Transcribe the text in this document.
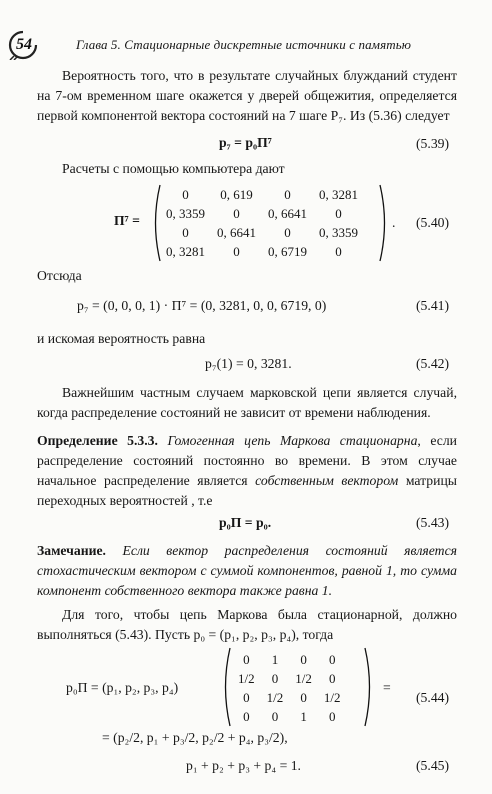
54	Глава 5. Стационарные дискретные источники с памятью
Вероятность того, что в результате случайных блужданий студент на 7-ом временном шаге окажется у дверей общежития, определяется первой компонентой вектора состояний на 7 шаге P₇. Из (5.36) следует
p₇ = p₀Π⁷	(5.39)
Расчеты с помощью компьютера дают
Π⁷ =
0	0, 619	0	0, 3281
0, 3359	0	0, 6641	0
0	0, 6641	0	0, 3359
0, 3281	0	0, 6719	0
. (5.40)
Отсюда
p₇ = (0, 0, 0, 1) · Π⁷ = (0, 3281, 0, 0, 6719, 0)	(5.41)
и искомая вероятность равна
p₇(1) = 0, 3281.	(5.42)
Важнейшим частным случаем марковской цепи является случай, когда распределение состояний не зависит от времени наблюдения.
Определение 5.3.3. Гомогенная цепь Маркова стационарна, если распределение состояний постоянно во времени. В этом случае начальное распределение является собственным вектором матрицы переходных вероятностей , т.е
p₀Π = p₀.	(5.43)
Замечание. Если вектор распределения состояний является стохастическим вектором с суммой компонентов, равной 1, то сумма компонент собственного вектора также равна 1.
Для того, чтобы цепь Маркова была стационарной, должно выполняться (5.43). Пусть p₀ = (p₁, p₂, p₃, p₄), тогда
p₀Π = (p₁, p₂, p₃, p₄)
0	1	0	0
1/2	0	1/2	0
0	1/2	0	1/2
0	0	1	0
=
(5.44)
= (p₂/2, p₁ + p₃/2, p₂/2 + p₄, p₃/2),
p₁ + p₂ + p₃ + p₄ = 1.	(5.45)
